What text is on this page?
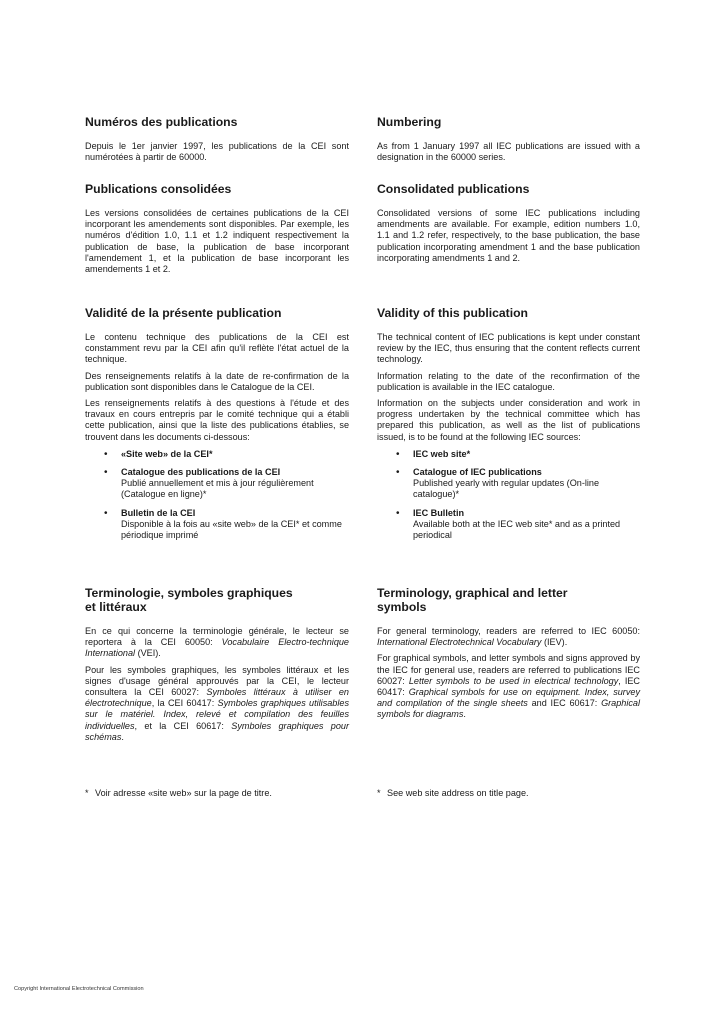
Numéros des publications

Depuis le 1er janvier 1997, les publications de la CEI sont numérotées à partir de 60000.

Publications consolidées

Les versions consolidées de certaines publications de la CEI incorporant les amendements sont disponibles. Par exemple, les numéros d'édition 1.0, 1.1 et 1.2 indiquent respectivement la publication de base, la publication de base incorporant l'amendement 1, et la publication de base incorporant les amendements 1 et 2.

Validité de la présente publication

Le contenu technique des publications de la CEI est constamment revu par la CEI afin qu'il reflète l'état actuel de la technique.

Des renseignements relatifs à la date de re-confirmation de la publication sont disponibles dans le Catalogue de la CEI.

Les renseignements relatifs à des questions à l'étude et des travaux en cours entrepris par le comité technique qui a établi cette publication, ainsi que la liste des publications établies, se trouvent dans les documents ci-dessous:

• «Site web» de la CEI*
• Catalogue des publications de la CEI
Publié annuellement et mis à jour régulièrement (Catalogue en ligne)*
• Bulletin de la CEI
Disponible à la fois au «site web» de la CEI* et comme périodique imprimé
Terminologie, symboles graphiques
et littéraux

En ce qui concerne la terminologie générale, le lecteur se reportera à la CEI 60050: Vocabulaire Electro-technique International (VEI).

Pour les symboles graphiques, les symboles littéraux et les signes d'usage général approuvés par la CEI, le lecteur consultera la CEI 60027: Symboles littéraux à utiliser en électrotechnique, la CEI 60417: Symboles graphiques utilisables sur le matériel. Index, relevé et compilation des feuilles individuelles, et la CEI 60617: Symboles graphiques pour schémas.

Numbering

As from 1 January 1997 all IEC publications are issued with a designation in the 60000 series.

Consolidated publications

Consolidated versions of some IEC publications including amendments are available. For example, edition numbers 1.0, 1.1 and 1.2 refer, respectively, to the base publication, the base publication incorporating amendment 1 and the base publication incorporating amendments 1 and 2.

Validity of this publication

The technical content of IEC publications is kept under constant review by the IEC, thus ensuring that the content reflects current technology.

Information relating to the date of the reconfirmation of the publication is available in the IEC catalogue.

Information on the subjects under consideration and work in progress undertaken by the technical committee which has prepared this publication, as well as the list of publications issued, is to be found at the following IEC sources:

• IEC web site*
• Catalogue of IEC publications
Published yearly with regular updates (On-line catalogue)*
• IEC Bulletin
Available both at the IEC web site* and as a printed periodical
Terminology, graphical and letter
symbols

For general terminology, readers are referred to IEC 60050: International Electrotechnical Vocabulary (IEV).

For graphical symbols, and letter symbols and signs approved by the IEC for general use, readers are referred to publications IEC 60027: Letter symbols to be used in electrical technology, IEC 60417: Graphical symbols for use on equipment. Index, survey and compilation of the single sheets and IEC 60617: Graphical symbols for diagrams.

* Voir adresse «site web» sur la page de titre.	* See web site address on title page.
Copyright International Electrotechnical Commission
